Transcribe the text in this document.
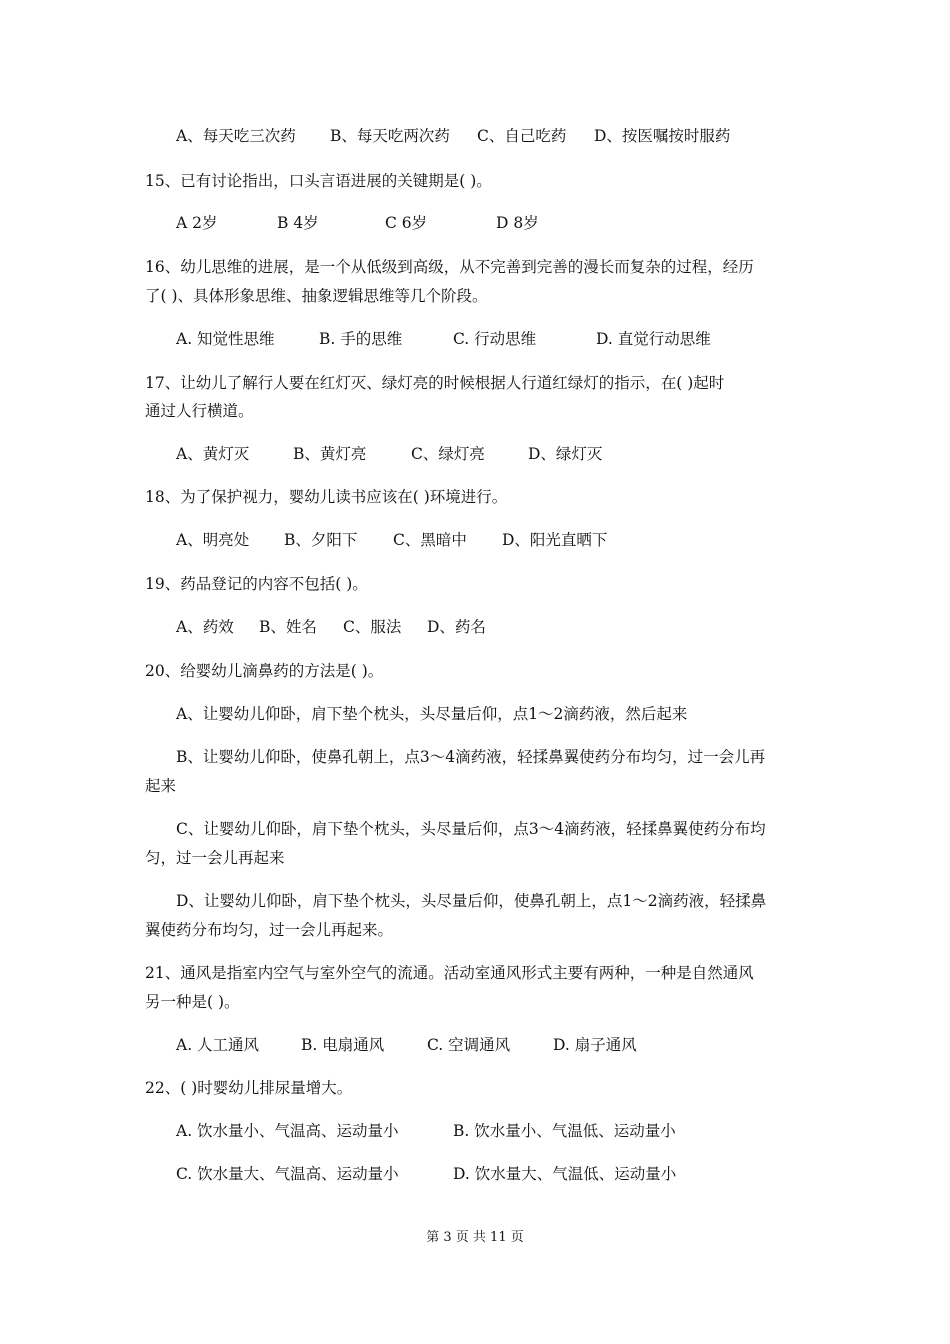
A、每天吃三次药 B、每天吃两次药 C、自己吃药 D、按医嘱按时服药
15、已有讨论指出，口头言语进展的关键期是( )。
A 2岁	B 4岁	C 6岁	D 8岁
16、幼儿思维的进展，是一个从低级到高级，从不完善到完善的漫长而复杂的过程，经历
了( )、具体形象思维、抽象逻辑思维等几个阶段。
A. 知觉性思维	B. 手的思维	C. 行动思维	D. 直觉行动思维
17、让幼儿了解行人要在红灯灭、绿灯亮的时候根据人行道红绿灯的指示，在( )起时
通过人行横道。
A、黄灯灭	B、黄灯亮	C、绿灯亮	D、绿灯灭
18、为了保护视力，婴幼儿读书应该在( )环境进行。
A、明亮处 B、夕阳下 C、黑暗中 D、阳光直晒下
19、药品登记的内容不包括( )。
A、药效 B、姓名 C、服法 D、药名
20、给婴幼儿滴鼻药的方法是( )。
A、让婴幼儿仰卧，肩下垫个枕头，头尽量后仰，点1～2滴药液，然后起来
B、让婴幼儿仰卧，使鼻孔朝上，点3～4滴药液，轻揉鼻翼使药分布均匀，过一会儿再
起来
C、让婴幼儿仰卧，肩下垫个枕头，头尽量后仰，点3～4滴药液，轻揉鼻翼使药分布均
匀，过一会儿再起来
D、让婴幼儿仰卧，肩下垫个枕头，头尽量后仰，使鼻孔朝上，点1～2滴药液，轻揉鼻
翼使药分布均匀，过一会儿再起来。
21、通风是指室内空气与室外空气的流通。活动室通风形式主要有两种，一种是自然通风
另一种是( )。
A. 人工通风	B. 电扇通风	C. 空调通风	D. 扇子通风
22、( )时婴幼儿排尿量增大。
A. 饮水量小、气温高、运动量小	B. 饮水量小、气温低、运动量小
C. 饮水量大、气温高、运动量小	D. 饮水量大、气温低、运动量小
第 3 页 共 11 页
